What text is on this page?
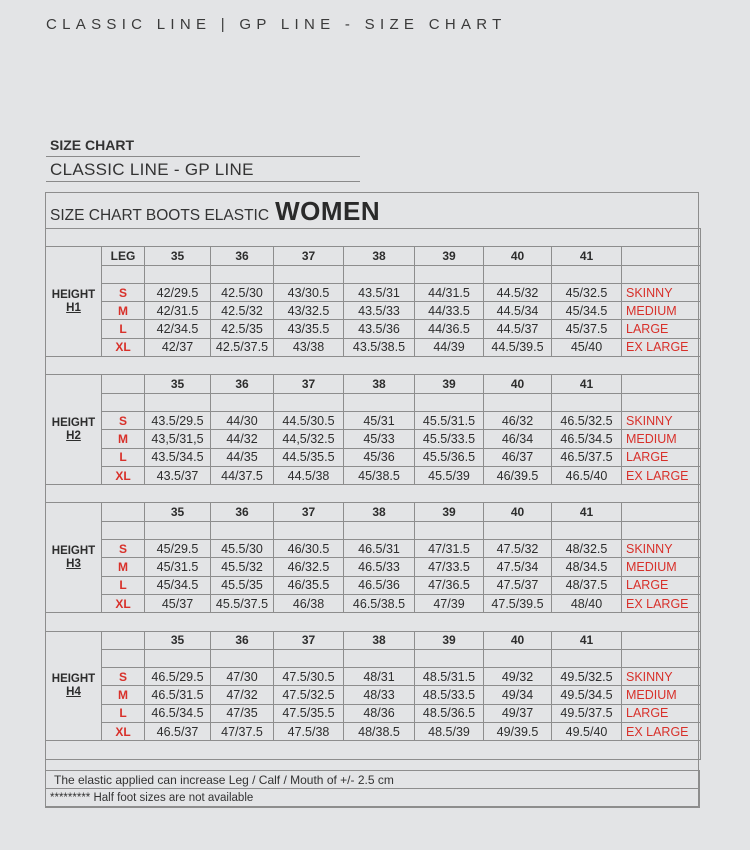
CLASSIC LINE | GP LINE - SIZE CHART
SIZE CHART
CLASSIC LINE - GP LINE
SIZE CHART BOOTS ELASTIC WOMEN

HEIGHT
H1	LEG	35	36	37	38	39	40	41	

	S	42/29.5	42.5/30	43/30.5	43.5/31	44/31.5	44.5/32	45/32.5	SKINNY
	M	42/31.5	42.5/32	43/32.5	43.5/33	44/33.5	44.5/34	45/34.5	MEDIUM
	L	42/34.5	42.5/35	43/35.5	43.5/36	44/36.5	44.5/37	45/37.5	LARGE
	XL	42/37	42.5/37.5	43/38	43.5/38.5	44/39	44.5/39.5	45/40	EX LARGE

HEIGHT
H2		35	36	37	38	39	40	41	

	S	43.5/29.5	44/30	44.5/30.5	45/31	45.5/31.5	46/32	46.5/32.5	SKINNY
	M	43,5/31,5	44/32	44,5/32.5	45/33	45.5/33.5	46/34	46.5/34.5	MEDIUM
	L	43.5/34.5	44/35	44.5/35.5	45/36	45.5/36.5	46/37	46.5/37.5	LARGE
	XL	43.5/37	44/37.5	44.5/38	45/38.5	45.5/39	46/39.5	46.5/40	EX LARGE

HEIGHT
H3		35	36	37	38	39	40	41	

	S	45/29.5	45.5/30	46/30.5	46.5/31	47/31.5	47.5/32	48/32.5	SKINNY
	M	45/31.5	45.5/32	46/32.5	46.5/33	47/33.5	47.5/34	48/34.5	MEDIUM
	L	45/34.5	45.5/35	46/35.5	46.5/36	47/36.5	47.5/37	48/37.5	LARGE
	XL	45/37	45.5/37.5	46/38	46.5/38.5	47/39	47.5/39.5	48/40	EX LARGE

HEIGHT
H4		35	36	37	38	39	40	41	

	S	46.5/29.5	47/30	47.5/30.5	48/31	48.5/31.5	49/32	49.5/32.5	SKINNY
	M	46.5/31.5	47/32	47.5/32.5	48/33	48.5/33.5	49/34	49.5/34.5	MEDIUM
	L	46.5/34.5	47/35	47.5/35.5	48/36	48.5/36.5	49/37	49.5/37.5	LARGE
	XL	46.5/37	47/37.5	47.5/38	48/38.5	48.5/39	49/39.5	49.5/40	EX LARGE

The elastic applied can increase Leg / Calf / Mouth of +/- 2.5 cm
********* Half foot sizes are not available
